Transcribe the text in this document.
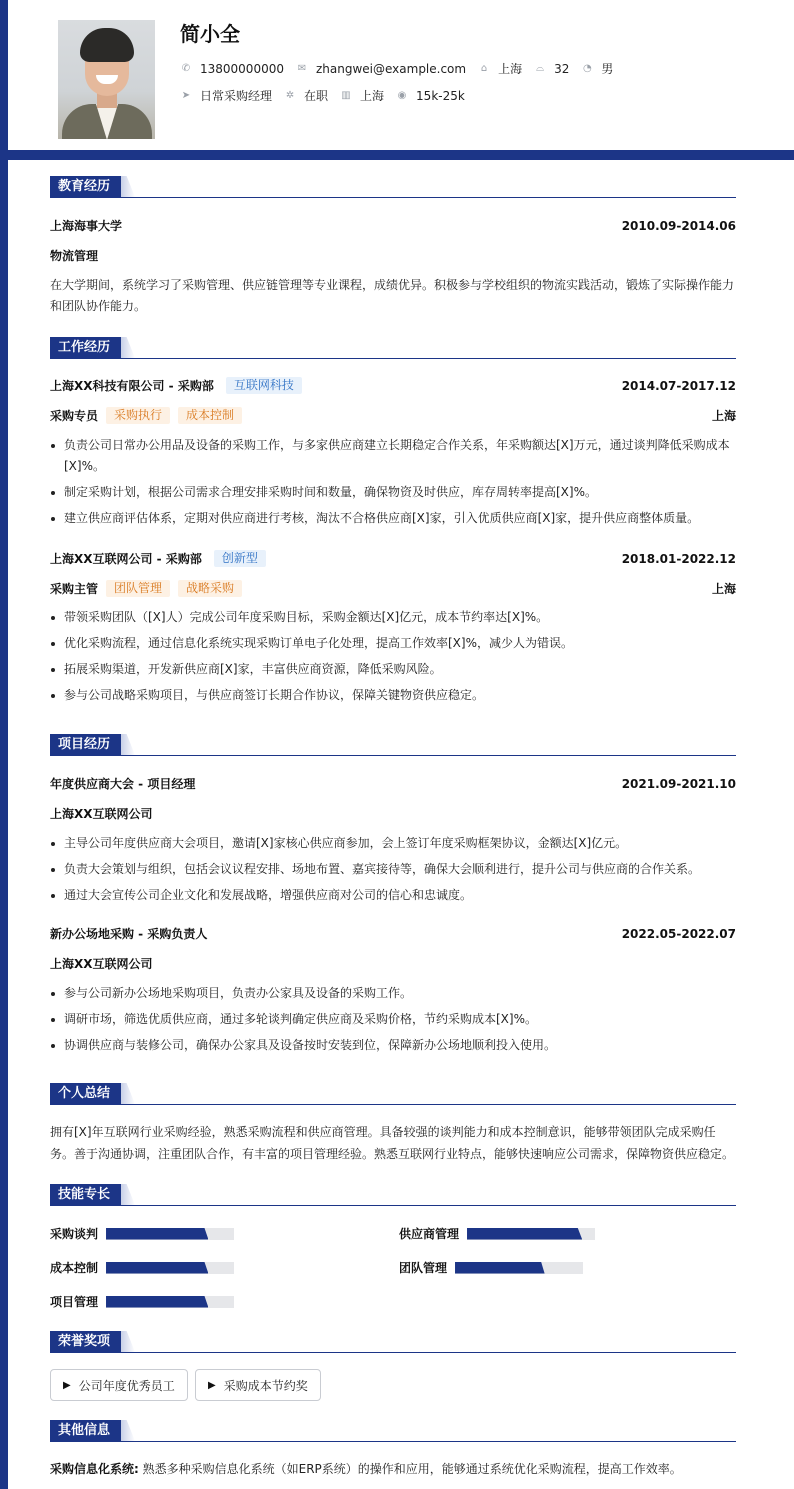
简小全
✆ 13800000000 ✉ zhangwei@example.com ⌂ 上海 ⌓ 32 ◔ 男
➤ 日常采购经理 ✲ 在职 ▥ 上海 ◉ 15k-25k
教育经历
上海海事大学	2010.09-2014.06
物流管理
在大学期间，系统学习了采购管理、供应链管理等专业课程，成绩优异。积极参与学校组织的物流实践活动，锻炼了实际操作能力和团队协作能力。
工作经历
上海XX科技有限公司 - 采购部	互联网科技	2014.07-2017.12
采购专员	采购执行	成本控制	上海
负责公司日常办公用品及设备的采购工作，与多家供应商建立长期稳定合作关系，年采购额达[X]万元，通过谈判降低采购成本[X]%。
制定采购计划，根据公司需求合理安排采购时间和数量，确保物资及时供应，库存周转率提高[X]%。
建立供应商评估体系，定期对供应商进行考核，淘汰不合格供应商[X]家，引入优质供应商[X]家，提升供应商整体质量。
上海XX互联网公司 - 采购部	创新型	2018.01-2022.12
采购主管	团队管理	战略采购	上海
带领采购团队（[X]人）完成公司年度采购目标，采购金额达[X]亿元，成本节约率达[X]%。
优化采购流程，通过信息化系统实现采购订单电子化处理，提高工作效率[X]%，减少人为错误。
拓展采购渠道，开发新供应商[X]家，丰富供应商资源，降低采购风险。
参与公司战略采购项目，与供应商签订长期合作协议，保障关键物资供应稳定。
项目经历
年度供应商大会 - 项目经理	2021.09-2021.10
上海XX互联网公司
主导公司年度供应商大会项目，邀请[X]家核心供应商参加，会上签订年度采购框架协议，金额达[X]亿元。
负责大会策划与组织，包括会议议程安排、场地布置、嘉宾接待等，确保大会顺利进行，提升公司与供应商的合作关系。
通过大会宣传公司企业文化和发展战略，增强供应商对公司的信心和忠诚度。
新办公场地采购 - 采购负责人	2022.05-2022.07
上海XX互联网公司
参与公司新办公场地采购项目，负责办公家具及设备的采购工作。
调研市场，筛选优质供应商，通过多轮谈判确定供应商及采购价格，节约采购成本[X]%。
协调供应商与装修公司，确保办公家具及设备按时安装到位，保障新办公场地顺利投入使用。
个人总结
拥有[X]年互联网行业采购经验，熟悉采购流程和供应商管理。具备较强的谈判能力和成本控制意识，能够带领团队完成采购任务。善于沟通协调，注重团队合作，有丰富的项目管理经验。熟悉互联网行业特点，能够快速响应公司需求，保障物资供应稳定。
技能专长
采购谈判	供应商管理
成本控制	团队管理
项目管理
荣誉奖项
▶ 公司年度优秀员工	▶ 采购成本节约奖
其他信息
采购信息化系统: 熟悉多种采购信息化系统（如ERP系统）的操作和应用，能够通过系统优化采购流程，提高工作效率。
